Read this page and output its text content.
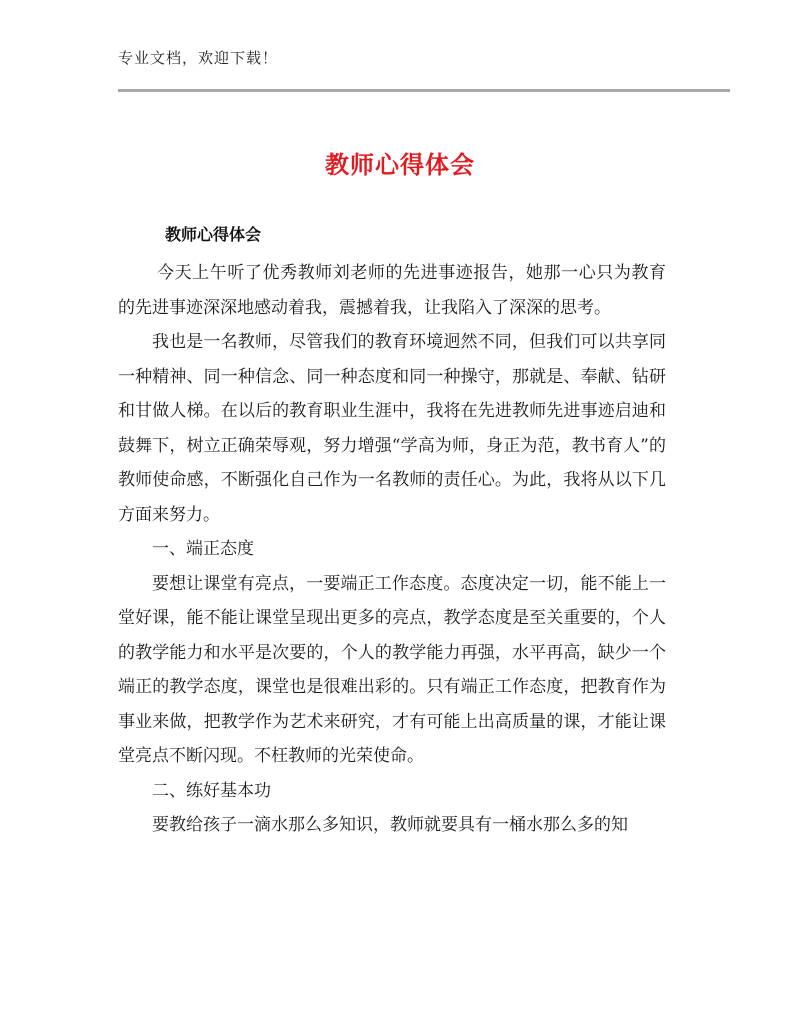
专业文档，欢迎下载！
教师心得体会
教师心得体会

今天上午听了优秀教师刘老师的先进事迹报告，她那一心只为教育的先进事迹深深地感动着我，震撼着我，让我陷入了深深的思考。

我也是一名教师，尽管我们的教育环境迥然不同，但我们可以共享同一种精神、同一种信念、同一种态度和同一种操守，那就是、奉献、钻研和甘做人梯。在以后的教育职业生涯中，我将在先进教师先进事迹启迪和鼓舞下，树立正确荣辱观，努力增强“学高为师，身正为范，教书育人”的教师使命感，不断强化自己作为一名教师的责任心。为此，我将从以下几方面来努力。

一、端正态度

要想让课堂有亮点，一要端正工作态度。态度决定一切，能不能上一堂好课，能不能让课堂呈现出更多的亮点，教学态度是至关重要的，个人的教学能力和水平是次要的，个人的教学能力再强，水平再高，缺少一个端正的教学态度，课堂也是很难出彩的。只有端正工作态度，把教育作为事业来做，把教学作为艺术来研究，才有可能上出高质量的课，才能让课堂亮点不断闪现。不枉教师的光荣使命。

二、练好基本功

要教给孩子一滴水那么多知识，教师就要具有一桶水那么多的知
